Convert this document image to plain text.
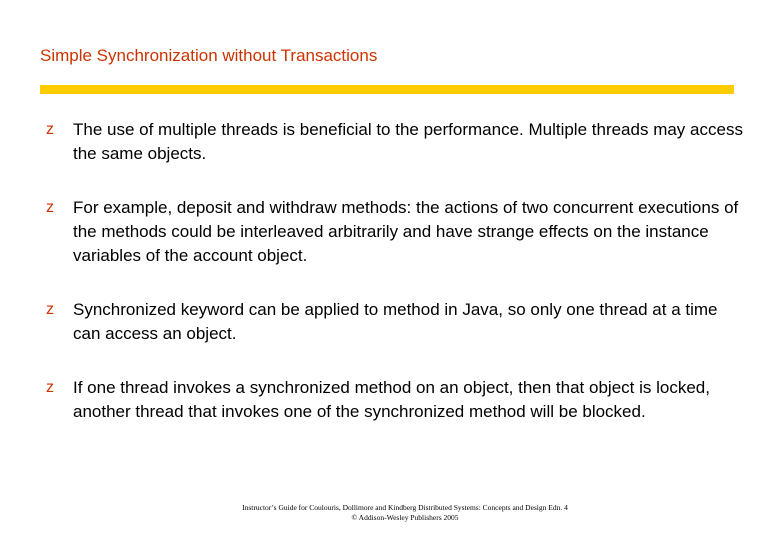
Simple Synchronization without Transactions
z	The use of multiple threads is beneficial to the performance. Multiple threads may access the same objects.
z	For example, deposit and withdraw methods: the actions of two concurrent executions of the methods could be interleaved arbitrarily and have strange effects on the instance variables of the account object.
z	Synchronized keyword can be applied to method in Java, so only one thread at a time can access an object.
z	If one thread invokes a synchronized method on an object, then that object is locked, another thread that invokes one of the synchronized method will be blocked.
Instructor’s Guide for Coulouris, Dollimore and Kindberg Distributed Systems: Concepts and Design Edn. 4
© Addison-Wesley Publishers 2005
